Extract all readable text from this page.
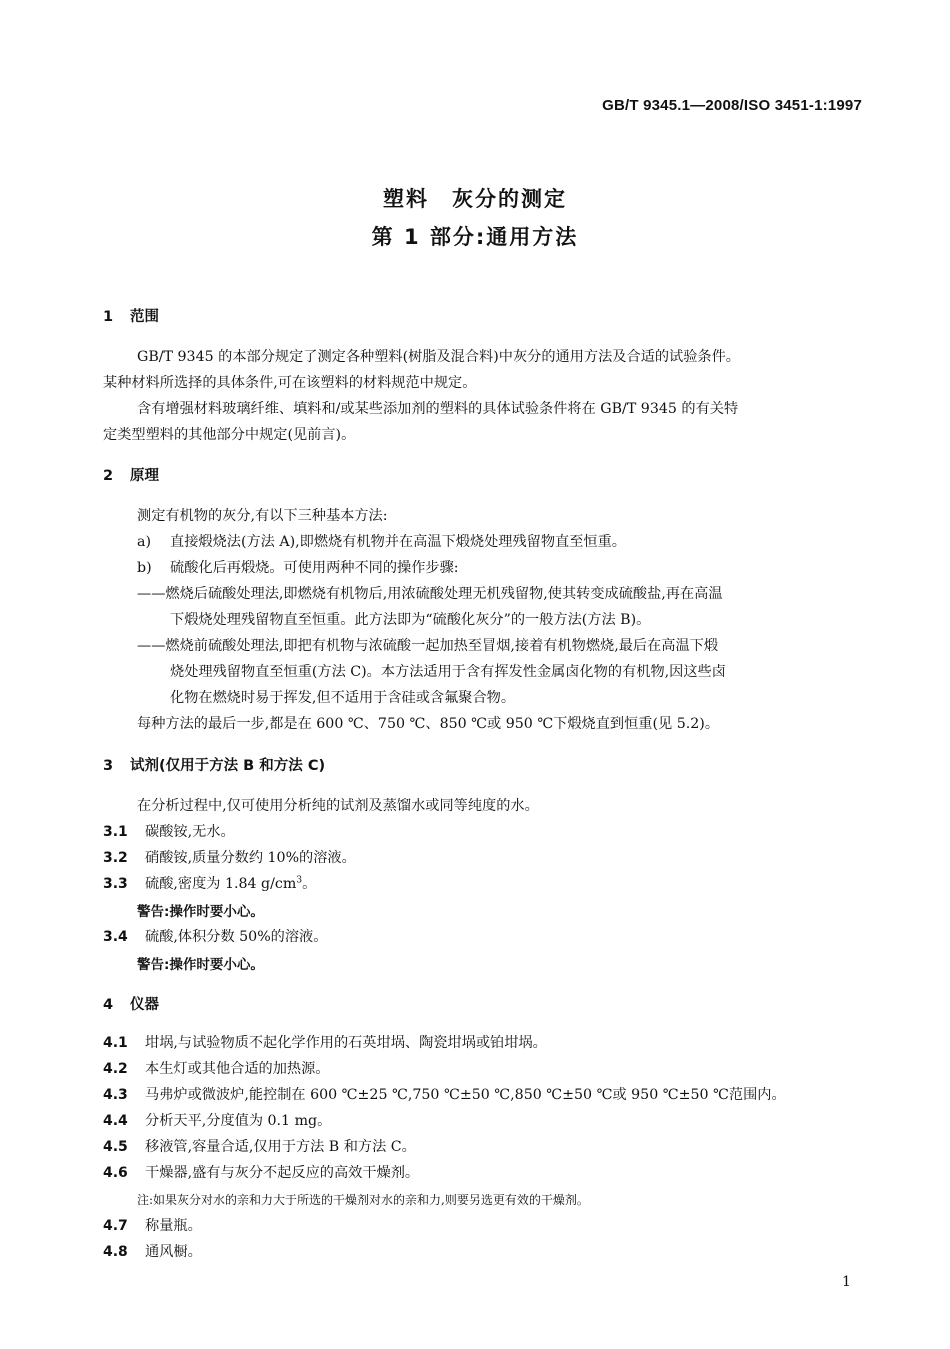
GB/T 9345.1—2008/ISO 3451-1:1997
塑料　灰分的测定
第 1 部分:通用方法
1 范围
GB/T 9345 的本部分规定了测定各种塑料(树脂及混合料)中灰分的通用方法及合适的试验条件。
某种材料所选择的具体条件,可在该塑料的材料规范中规定。
含有增强材料玻璃纤维、填料和/或某些添加剂的塑料的具体试验条件将在 GB/T 9345 的有关特
定类型塑料的其他部分中规定(见前言)。
2 原理
测定有机物的灰分,有以下三种基本方法:
a) 直接煅烧法(方法 A),即燃烧有机物并在高温下煅烧处理残留物直至恒重。
b) 硫酸化后再煅烧。可使用两种不同的操作步骤:
——燃烧后硫酸处理法,即燃烧有机物后,用浓硫酸处理无机残留物,使其转变成硫酸盐,再在高温
下煅烧处理残留物直至恒重。此方法即为“硫酸化灰分”的一般方法(方法 B)。
——燃烧前硫酸处理法,即把有机物与浓硫酸一起加热至冒烟,接着有机物燃烧,最后在高温下煅
烧处理残留物直至恒重(方法 C)。本方法适用于含有挥发性金属卤化物的有机物,因这些卤
化物在燃烧时易于挥发,但不适用于含硅或含氟聚合物。
每种方法的最后一步,都是在 600 ℃、750 ℃、850 ℃或 950 ℃下煅烧直到恒重(见 5.2)。
3 试剂(仅用于方法 B 和方法 C)
在分析过程中,仅可使用分析纯的试剂及蒸馏水或同等纯度的水。
3.1 碳酸铵,无水。
3.2 硝酸铵,质量分数约 10%的溶液。
3.3 硫酸,密度为 1.84 $g/cm^3$。
警告:操作时要小心。
3.4 硫酸,体积分数 50%的溶液。
警告:操作时要小心。
4 仪器
4.1 坩埚,与试验物质不起化学作用的石英坩埚、陶瓷坩埚或铂坩埚。
4.2 本生灯或其他合适的加热源。
4.3 马弗炉或微波炉,能控制在 600 ℃±25 ℃,750 ℃±50 ℃,850 ℃±50 ℃或 950 ℃±50 ℃范围内。
4.4 分析天平,分度值为 0.1 mg。
4.5 移液管,容量合适,仅用于方法 B 和方法 C。
4.6 干燥器,盛有与灰分不起反应的高效干燥剂。
注:如果灰分对水的亲和力大于所选的干燥剂对水的亲和力,则要另选更有效的干燥剂。
4.7 称量瓶。
4.8 通风橱。
1
